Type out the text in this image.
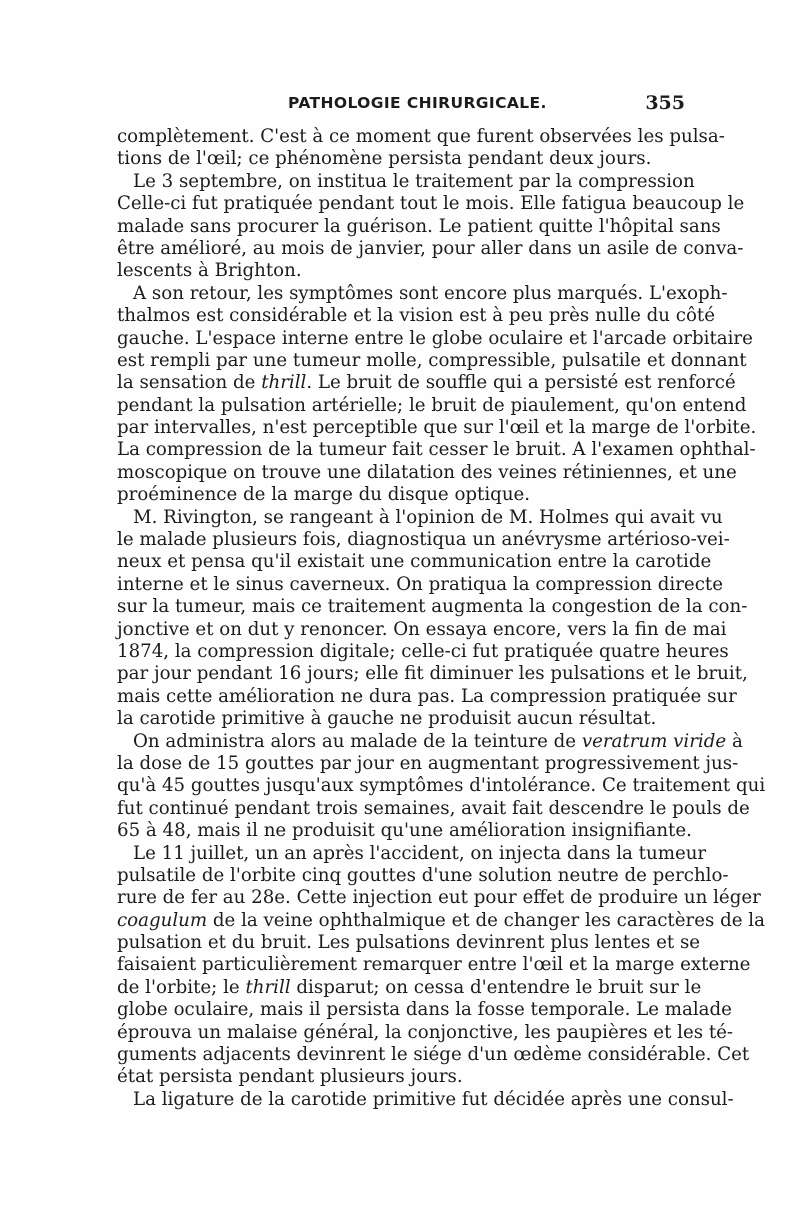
PATHOLOGIE CHIRURGICALE.	355
complètement. C'est à ce moment que furent observées les pulsa-
tions de l'œil; ce phénomène persista pendant deux jours.
Le 3 septembre, on institua le traitement par la compression
Celle-ci fut pratiquée pendant tout le mois. Elle fatigua beaucoup le
malade sans procurer la guérison. Le patient quitte l'hôpital sans
être amélioré, au mois de janvier, pour aller dans un asile de conva-
lescents à Brighton.
A son retour, les symptômes sont encore plus marqués. L'exoph-
thalmos est considérable et la vision est à peu près nulle du côté
gauche. L'espace interne entre le globe oculaire et l'arcade orbitaire
est rempli par une tumeur molle, compressible, pulsatile et donnant
la sensation de thrill. Le bruit de souffle qui a persisté est renforcé
pendant la pulsation artérielle; le bruit de piaulement, qu'on entend
par intervalles, n'est perceptible que sur l'œil et la marge de l'orbite.
La compression de la tumeur fait cesser le bruit. A l'examen ophthal-
moscopique on trouve une dilatation des veines rétiniennes, et une
proéminence de la marge du disque optique.
M. Rivington, se rangeant à l'opinion de M. Holmes qui avait vu
le malade plusieurs fois, diagnostiqua un anévrysme artérioso-vei-
neux et pensa qu'il existait une communication entre la carotide
interne et le sinus caverneux. On pratiqua la compression directe
sur la tumeur, mais ce traitement augmenta la congestion de la con-
jonctive et on dut y renoncer. On essaya encore, vers la fin de mai
1874, la compression digitale; celle-ci fut pratiquée quatre heures
par jour pendant 16 jours; elle fit diminuer les pulsations et le bruit,
mais cette amélioration ne dura pas. La compression pratiquée sur
la carotide primitive à gauche ne produisit aucun résultat.
On administra alors au malade de la teinture de veratrum viride à
la dose de 15 gouttes par jour en augmentant progressivement jus-
qu'à 45 gouttes jusqu'aux symptômes d'intolérance. Ce traitement qui
fut continué pendant trois semaines, avait fait descendre le pouls de
65 à 48, mais il ne produisit qu'une amélioration insignifiante.
Le 11 juillet, un an après l'accident, on injecta dans la tumeur
pulsatile de l'orbite cinq gouttes d'une solution neutre de perchlo-
rure de fer au 28e. Cette injection eut pour effet de produire un léger
coagulum de la veine ophthalmique et de changer les caractères de la
pulsation et du bruit. Les pulsations devinrent plus lentes et se
faisaient particulièrement remarquer entre l'œil et la marge externe
de l'orbite; le thrill disparut; on cessa d'entendre le bruit sur le
globe oculaire, mais il persista dans la fosse temporale. Le malade
éprouva un malaise général, la conjonctive, les paupières et les té-
guments adjacents devinrent le siége d'un œdème considérable. Cet
état persista pendant plusieurs jours.
La ligature de la carotide primitive fut décidée après une consul-
